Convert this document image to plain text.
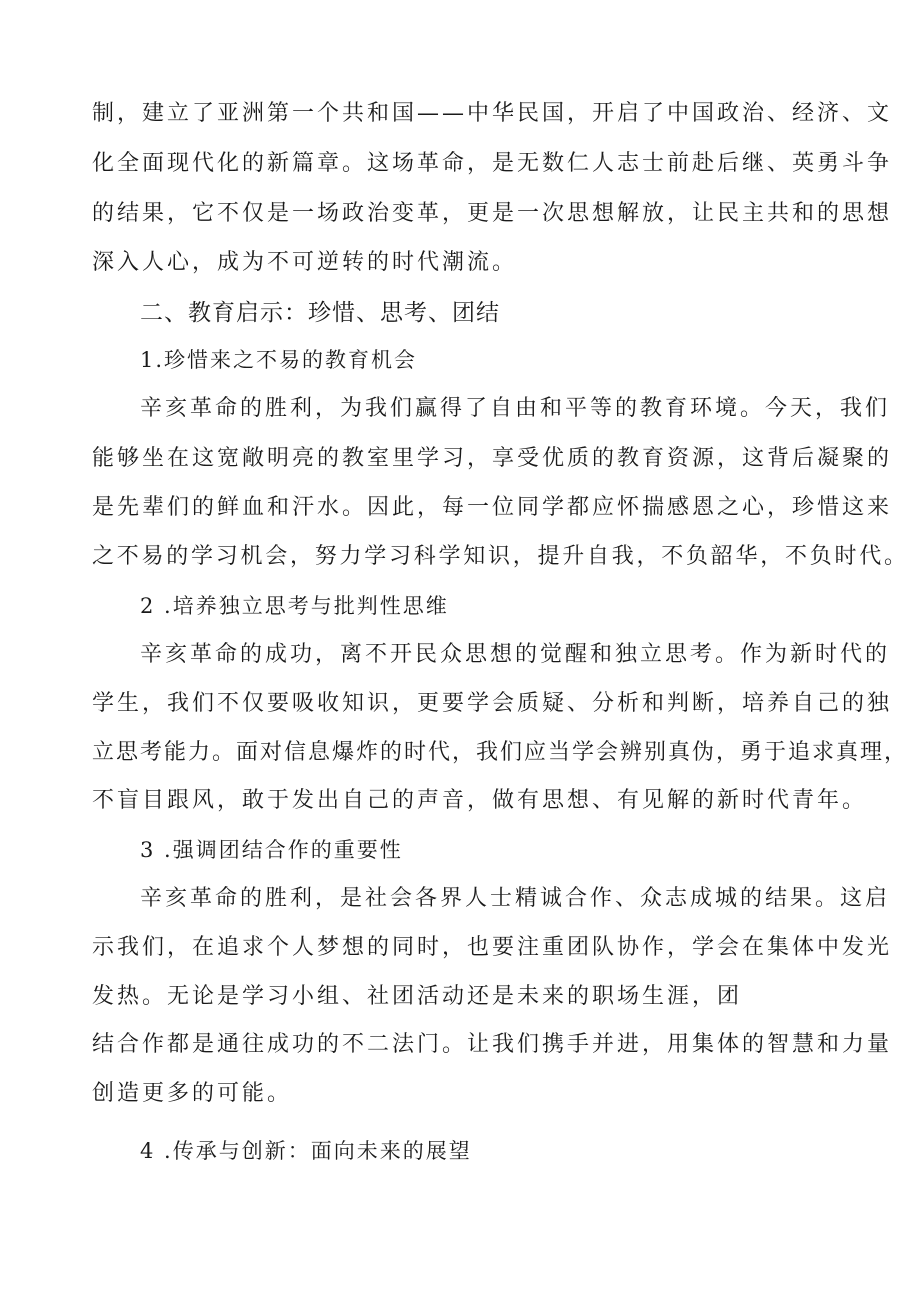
制，建立了亚洲第一个共和国——中华民国，开启了中国政治、经济、文
化全面现代化的新篇章。这场革命，是无数仁人志士前赴后继、英勇斗争
的结果，它不仅是一场政治变革，更是一次思想解放，让民主共和的思想
深入人心，成为不可逆转的时代潮流。
二、教育启示：珍惜、思考、团结
1.珍惜来之不易的教育机会
辛亥革命的胜利，为我们赢得了自由和平等的教育环境。今天，我们
能够坐在这宽敞明亮的教室里学习，享受优质的教育资源，这背后凝聚的
是先辈们的鲜血和汗水。因此，每一位同学都应怀揣感恩之心，珍惜这来
之不易的学习机会，努力学习科学知识，提升自我，不负韶华，不负时代。
2 .培养独立思考与批判性思维
辛亥革命的成功，离不开民众思想的觉醒和独立思考。作为新时代的
学生，我们不仅要吸收知识，更要学会质疑、分析和判断，培养自己的独
立思考能力。面对信息爆炸的时代，我们应当学会辨别真伪，勇于追求真理，
不盲目跟风，敢于发出自己的声音，做有思想、有见解的新时代青年。
3 .强调团结合作的重要性
辛亥革命的胜利，是社会各界人士精诚合作、众志成城的结果。这启
示我们，在追求个人梦想的同时，也要注重团队协作，学会在集体中发光
发热。无论是学习小组、社团活动还是未来的职场生涯，团
结合作都是通往成功的不二法门。让我们携手并进，用集体的智慧和力量
创造更多的可能。
4 .传承与创新：面向未来的展望
